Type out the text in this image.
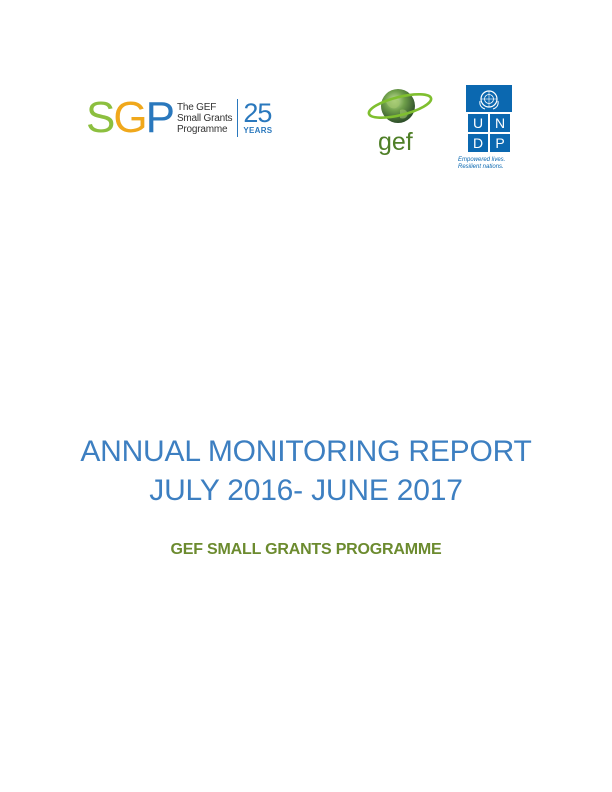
S G P The GEF
Small Grants
Programme
25
YEARS	gef
U N
D P
Empowered lives.
Resilient nations.
ANNUAL MONITORING REPORT
JULY 2016- JUNE 2017
GEF SMALL GRANTS PROGRAMME
